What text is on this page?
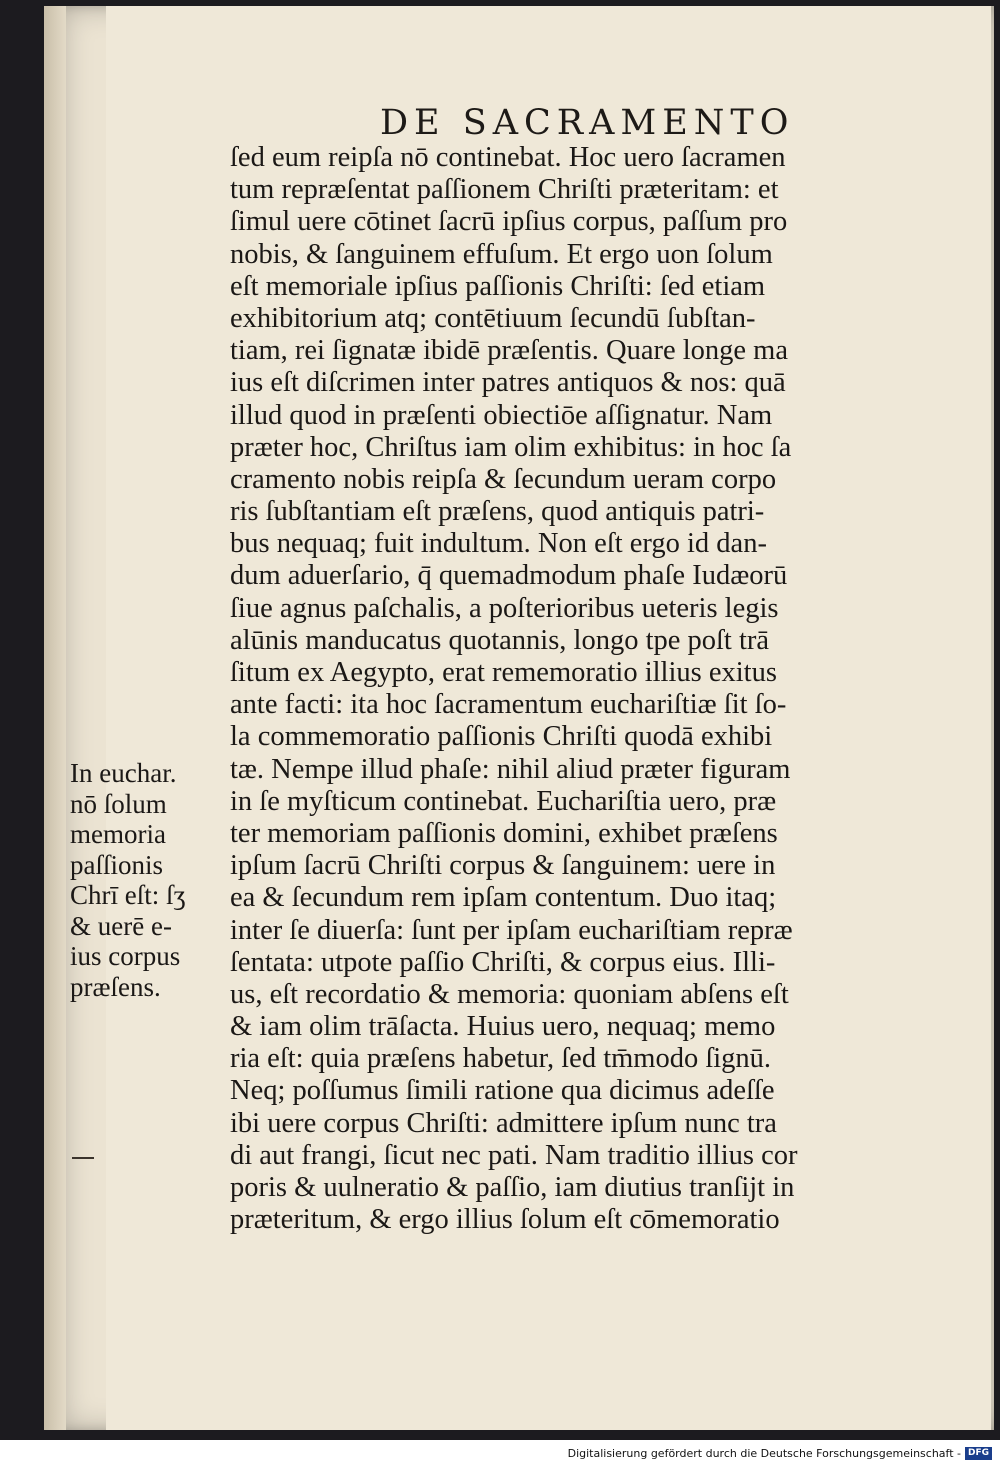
DE SACRAMENTO
ſed eum reipſa nō continebat. Hoc uero ſacramen
tum repræſentat paſſionem Chriſti præteritam: et
ſimul uere cōtinet ſacrū ipſius corpus, paſſum pro
nobis, & ſanguinem effuſum. Et ergo uon ſolum
eſt memoriale ipſius paſſionis Chriſti: ſed etiam
exhibitorium atq; contētiuum ſecundū ſubſtan-
tiam, rei ſignatæ ibidē præſentis. Quare longe ma
ius eſt diſcrimen inter patres antiquos & nos: quā
illud quod in præſenti obiectiōe aſſignatur. Nam
præter hoc, Chriſtus iam olim exhibitus: in hoc ſa
cramento nobis reipſa & ſecundum ueram corpo
ris ſubſtantiam eſt præſens, quod antiquis patri-
bus nequaq; fuit indultum. Non eſt ergo id dan-
dum aduerſario, q̄ quemadmodum phaſe Iudæorū
ſiue agnus paſchalis, a poſterioribus ueteris legis
alūnis manducatus quotannis, longo tpe poſt trā
ſitum ex Aegypto, erat rememoratio illius exitus
ante facti: ita hoc ſacramentum euchariſtiæ ſit ſo-
la commemoratio paſſionis Chriſti quodā exhibi
tæ. Nempe illud phaſe: nihil aliud præter figuram
in ſe myſticum continebat. Euchariſtia uero, præ
ter memoriam paſſionis domini, exhibet præſens
ipſum ſacrū Chriſti corpus & ſanguinem: uere in
ea & ſecundum rem ipſam contentum. Duo itaq;
inter ſe diuerſa: ſunt per ipſam euchariſtiam repræ
ſentata: utpote paſſio Chriſti, & corpus eius. Illi-
us, eſt recordatio & memoria: quoniam abſens eſt
& iam olim trāſacta. Huius uero, nequaq; memo
ria eſt: quia præſens habetur, ſed tm̄modo ſignū.
Neq; poſſumus ſimili ratione qua dicimus adeſſe
ibi uere corpus Chriſti: admittere ipſum nunc tra
di aut frangi, ſicut nec pati. Nam traditio illius cor
poris & uulneratio & paſſio, iam diutius tranſijt in
præteritum, & ergo illius ſolum eſt cōmemoratio
In euchar.
nō ſolum
memoria
paſſionis
Chrī eſt: ſʒ
& uerē e-
ius corpus
præſens.
Digitalisierung gefördert durch die Deutsche Forschungsgemeinschaft - DFG
